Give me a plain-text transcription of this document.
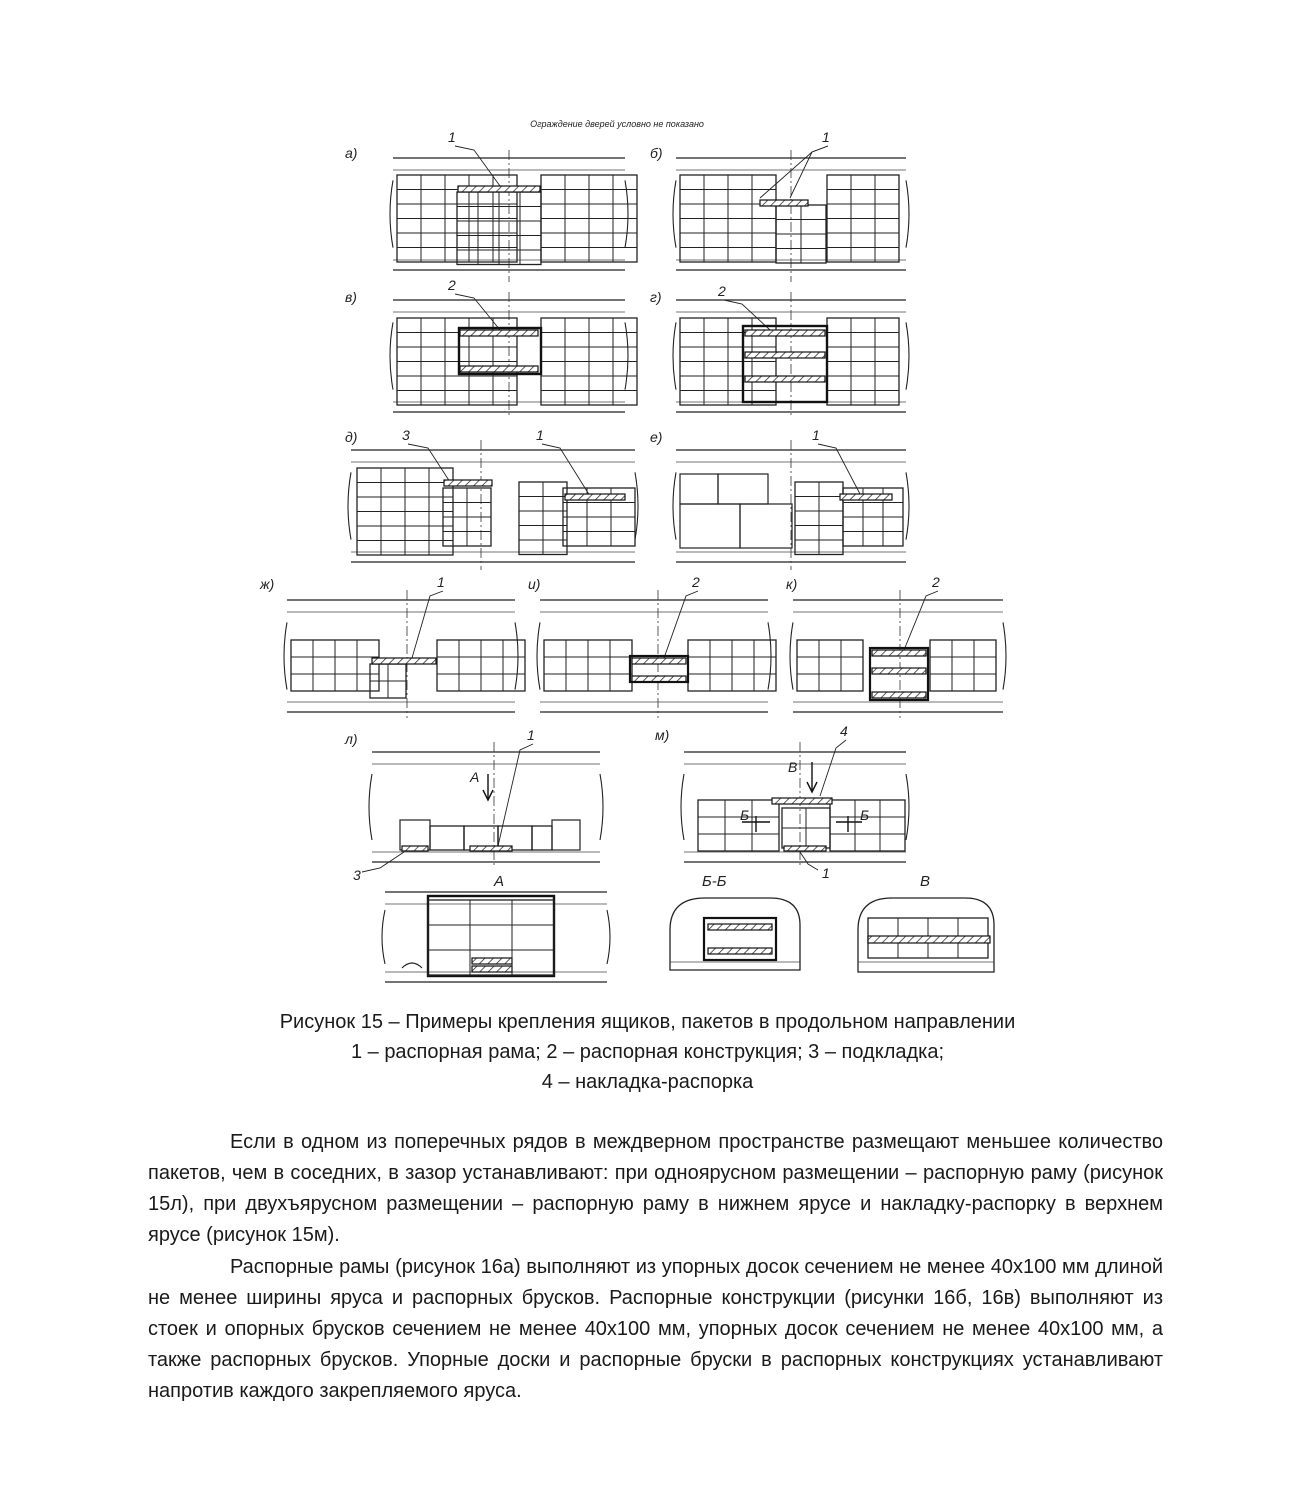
Ограждение дверей условно не показано
а)
1
б)
1
в)
2
г)	2
д)	3	1	е)	1
ж)	1	и)	2	к)	2
А
л)	1
3
В
Б	Б
м)	4
1
А	Б-Б	В
Рисунок 15 – Примеры крепления ящиков, пакетов в продольном направлении
1 – распорная рама; 2 – распорная конструкция; 3 – подкладка;
4 – накладка-распорка

Если в одном из поперечных рядов в междверном пространстве размещают меньшее количество пакетов, чем в соседних, в зазор устанавливают: при одноярусном размещении – распорную раму (рисунок 15л), при двухъярусном размещении – распорную раму в нижнем ярусе и накладку-распорку в верхнем ярусе (рисунок 15м).

Распорные рамы (рисунок 16а) выполняют из упорных досок сечением не менее 40х100 мм длиной не менее ширины яруса и распорных брусков. Распорные конструкции (рисунки 16б, 16в) выполняют из стоек и опорных брусков сечением не менее 40х100 мм, упорных досок сечением не менее 40х100 мм, а также распорных брусков. Упорные доски и распорные бруски в распорных конструкциях устанавливают напротив каждого закрепляемого яруса.
